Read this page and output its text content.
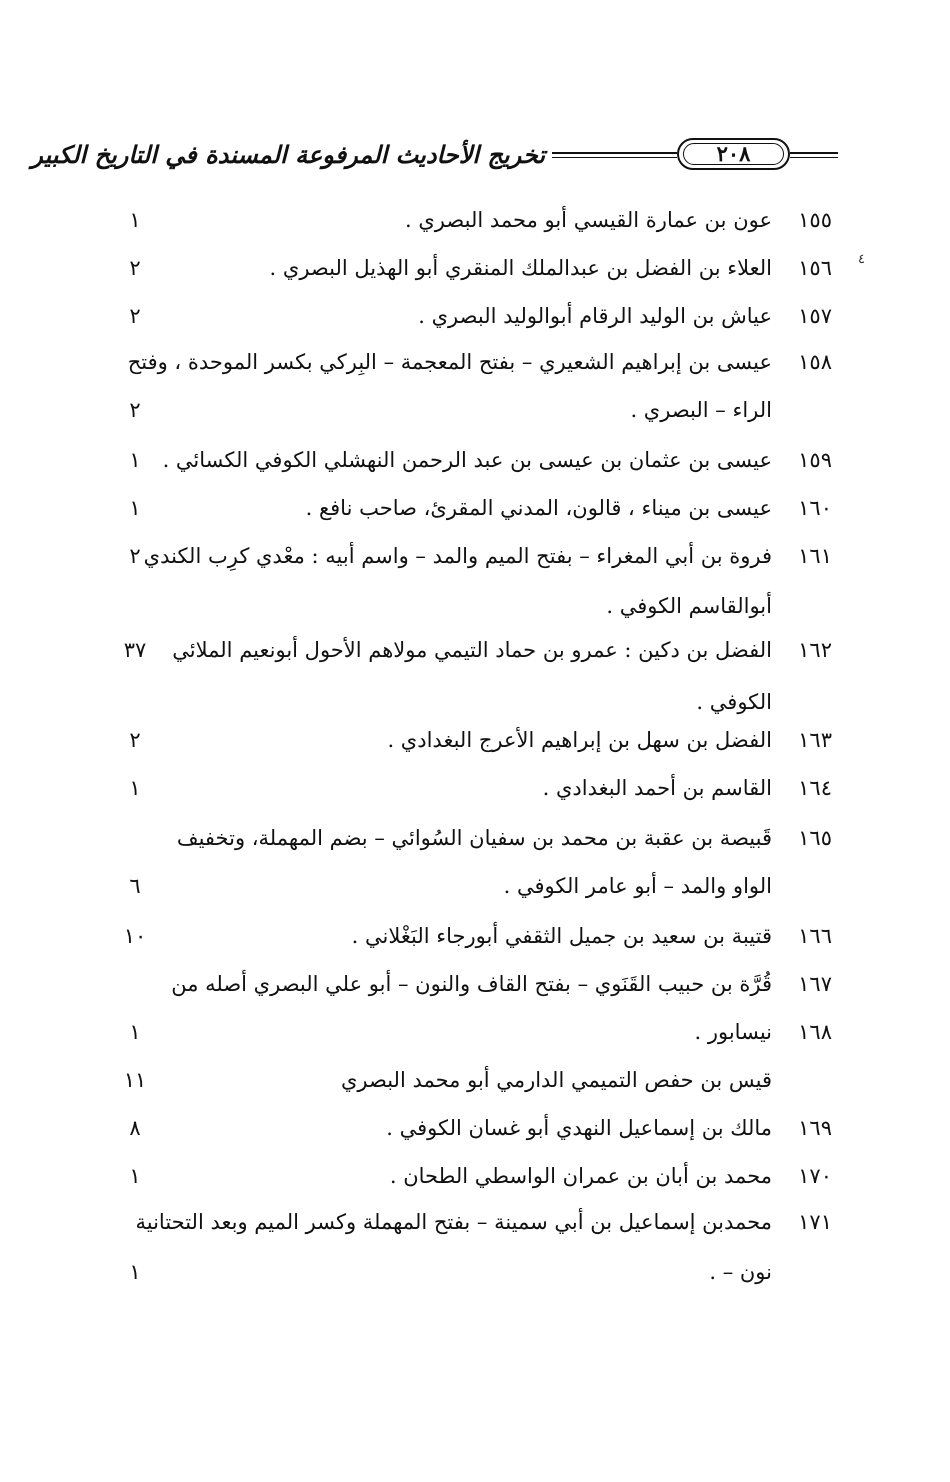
تخريج الأحاديث المرفوعة المسندة في التاريخ الكبير	٢٠٨
٤
١٥٥
عون بن عمارة القيسي أبو محمد البصري .
١
١٥٦
العلاء بن الفضل بن عبدالملك المنقري أبو الهذيل البصري .
٢
١٥٧
عياش بن الوليد الرقام أبوالوليد البصري .
٢
١٥٨
عيسى بن إبراهيم الشعيري – بفتح المعجمة – البِركي بكسر الموحدة ، وفتح
الراء – البصري .
٢
١٥٩
عيسى بن عثمان بن عيسى بن عبد الرحمن النهشلي الكوفي الكسائي .
١
١٦٠
عيسى بن ميناء ، قالون، المدني المقرئ، صاحب نافع .
١
١٦١
فروة بن أبي المغراء – بفتح الميم والمد – واسم أبيه : معْدي كرِب الكندي
٢
أبوالقاسم الكوفي .
١٦٢
الفضل بن دكين : عمرو بن حماد التيمي مولاهم الأحول أبونعيم الملائي
٣٧
الكوفي .
١٦٣
الفضل بن سهل بن إبراهيم الأعرج البغدادي .
٢
١٦٤
القاسم بن أحمد البغدادي .
١
١٦٥
قَبيصة بن عقبة بن محمد بن سفيان السُوائي – بضم المهملة، وتخفيف
الواو والمد – أبو عامر الكوفي .
٦
١٦٦
قتيبة بن سعيد بن جميل الثقفي أبورجاء البَغْلاني .
١٠
١٦٧
قُرَّة بن حبيب القَنَوي – بفتح القاف والنون – أبو علي البصري أصله من
١٦٨
نيسابور .
١
قيس بن حفص التميمي الدارمي أبو محمد البصري
١١
١٦٩
مالك بن إسماعيل النهدي أبو غسان الكوفي .
٨
١٧٠
محمد بن أبان بن عمران الواسطي الطحان .
١
١٧١
محمدبن إسماعيل بن أبي سمينة – بفتح المهملة وكسر الميم وبعد التحتانية
نون – .
١
